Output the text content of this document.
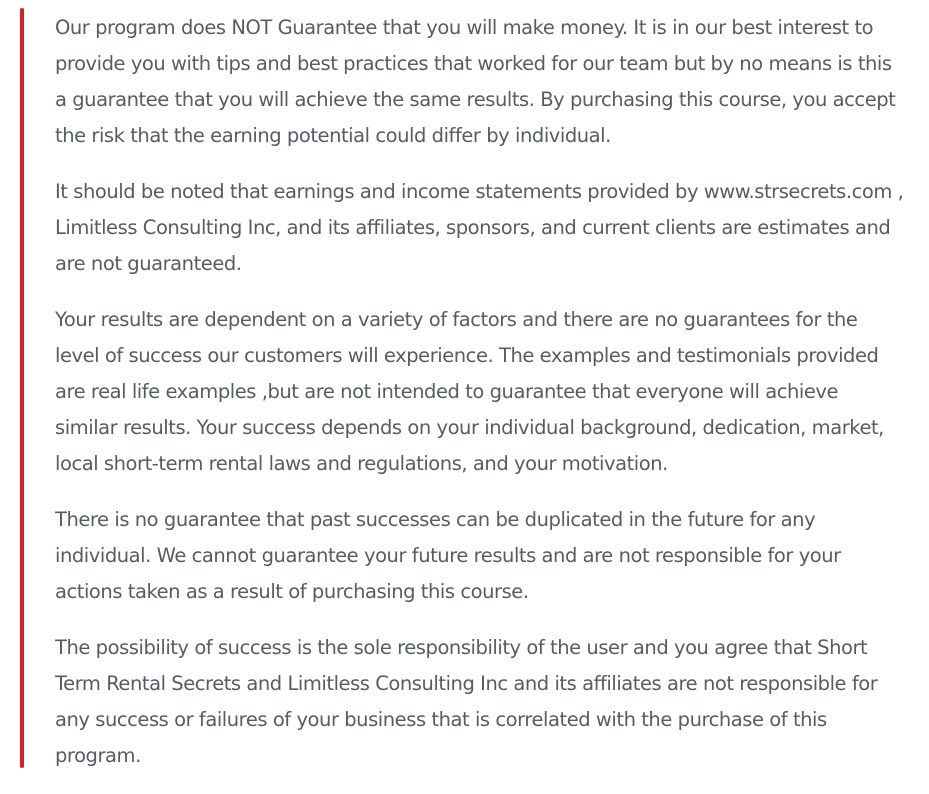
Our program does NOT Guarantee that you will make money. It is in our best interest to provide you with tips and best practices that worked for our team but by no means is this a guarantee that you will achieve the same results. By purchasing this course, you accept the risk that the earning potential could differ by individual.

It should be noted that earnings and income statements provided by www.strsecrets.com , Limitless Consulting Inc, and its affiliates, sponsors, and current clients are estimates and are not guaranteed.

Your results are dependent on a variety of factors and there are no guarantees for the level of success our customers will experience. The examples and testimonials provided are real life examples ,but are not intended to guarantee that everyone will achieve similar results. Your success depends on your individual background, dedication, market, local short-term rental laws and regulations, and your motivation.

There is no guarantee that past successes can be duplicated in the future for any individual. We cannot guarantee your future results and are not responsible for your actions taken as a result of purchasing this course.

The possibility of success is the sole responsibility of the user and you agree that Short Term Rental Secrets and Limitless Consulting Inc and its affiliates are not responsible for any success or failures of your business that is correlated with the purchase of this program.
